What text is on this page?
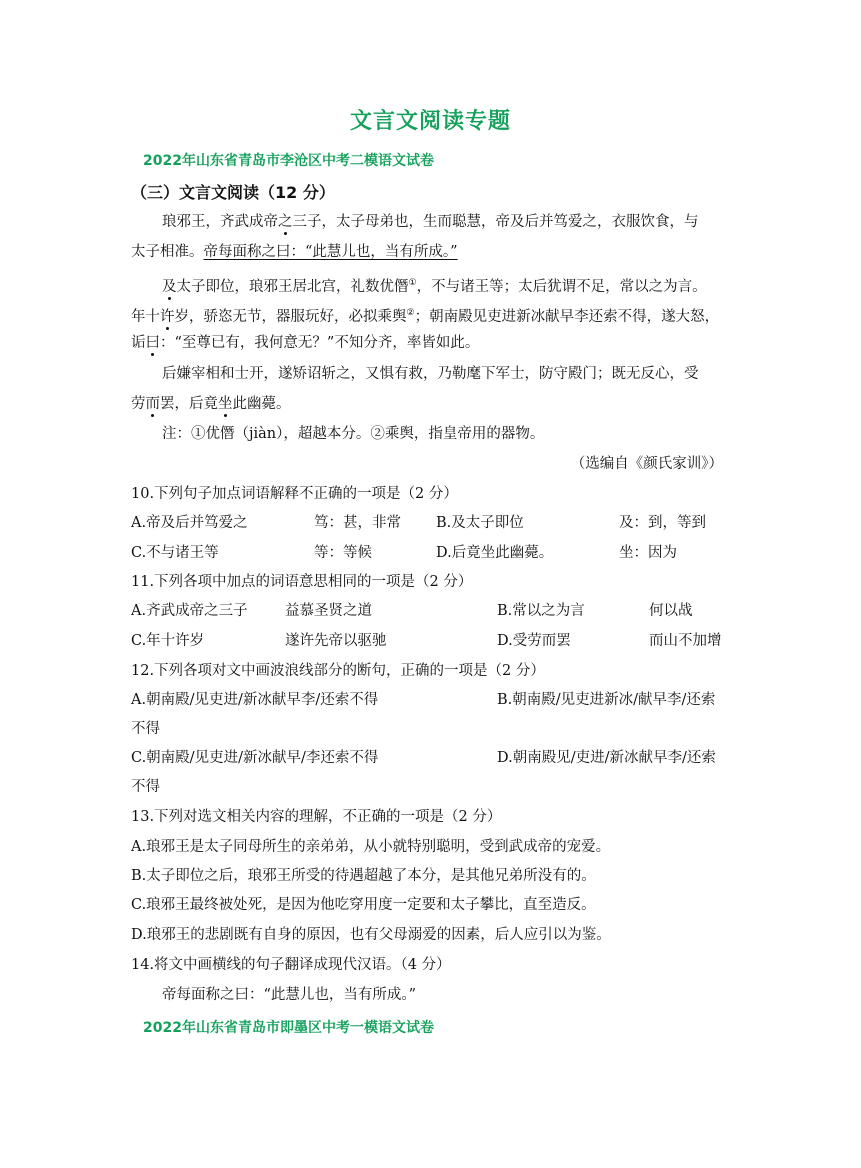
文言文阅读专题
2022年山东省青岛市李沧区中考二模语文试卷
（三）文言文阅读（12 分）
琅邪王，齐武成帝之三子，太子母弟也，生而聪慧，帝及后并笃爱之，衣服饮食，与
太子相准。帝每面称之曰：“此慧儿也，当有所成。”
及太子即位，琅邪王居北宫，礼数优僭①，不与诸王等；太后犹谓不足，常以之为言。
年十许岁，骄恣无节，器服玩好，必拟乘舆②；朝南殿见吏进新冰献早李还索不得，遂大怒，
诟曰：“至尊已有，我何意无？”不知分齐，率皆如此。
后嫌宰相和士开，遂矫诏斩之，又惧有救，乃勒麾下军士，防守殿门；既无反心，受
劳而罢，后竟坐此幽薨。
注：①优僭（jiàn），超越本分。②乘舆，指皇帝用的器物。
（选编自《颜氏家训》）
10.下列句子加点词语解释不正确的一项是（2 分）
A.帝及后并笃爱之	笃：甚，非常 B.及太子即位	及：到，等到
C.不与诸王等	等：等候	D.后竟坐此幽薨。	坐：因为
11.下列各项中加点的词语意思相同的一项是（2 分）
A.齐武成帝之三子	益慕圣贤之道	B.常以之为言	何以战
C.年十许岁	遂许先帝以驱驰	D.受劳而罢	而山不加增
12.下列各项对文中画波浪线部分的断句，正确的一项是（2 分）
A.朝南殿/见吏进/新冰献早李/还索不得	B.朝南殿/见吏进新冰/献早李/还索
不得
C.朝南殿/见吏进/新冰献早/李还索不得	D.朝南殿见/吏进/新冰献早李/还索
不得
13.下列对选文相关内容的理解，不正确的一项是（2 分）
A.琅邪王是太子同母所生的亲弟弟，从小就特别聪明，受到武成帝的宠爱。
B.太子即位之后，琅邪王所受的待遇超越了本分，是其他兄弟所没有的。
C.琅邪王最终被处死，是因为他吃穿用度一定要和太子攀比，直至造反。
D.琅邪王的悲剧既有自身的原因，也有父母溺爱的因素，后人应引以为鉴。
14.将文中画横线的句子翻译成现代汉语。（4 分）
帝每面称之曰：“此慧儿也，当有所成。”
2022年山东省青岛市即墨区中考一模语文试卷
